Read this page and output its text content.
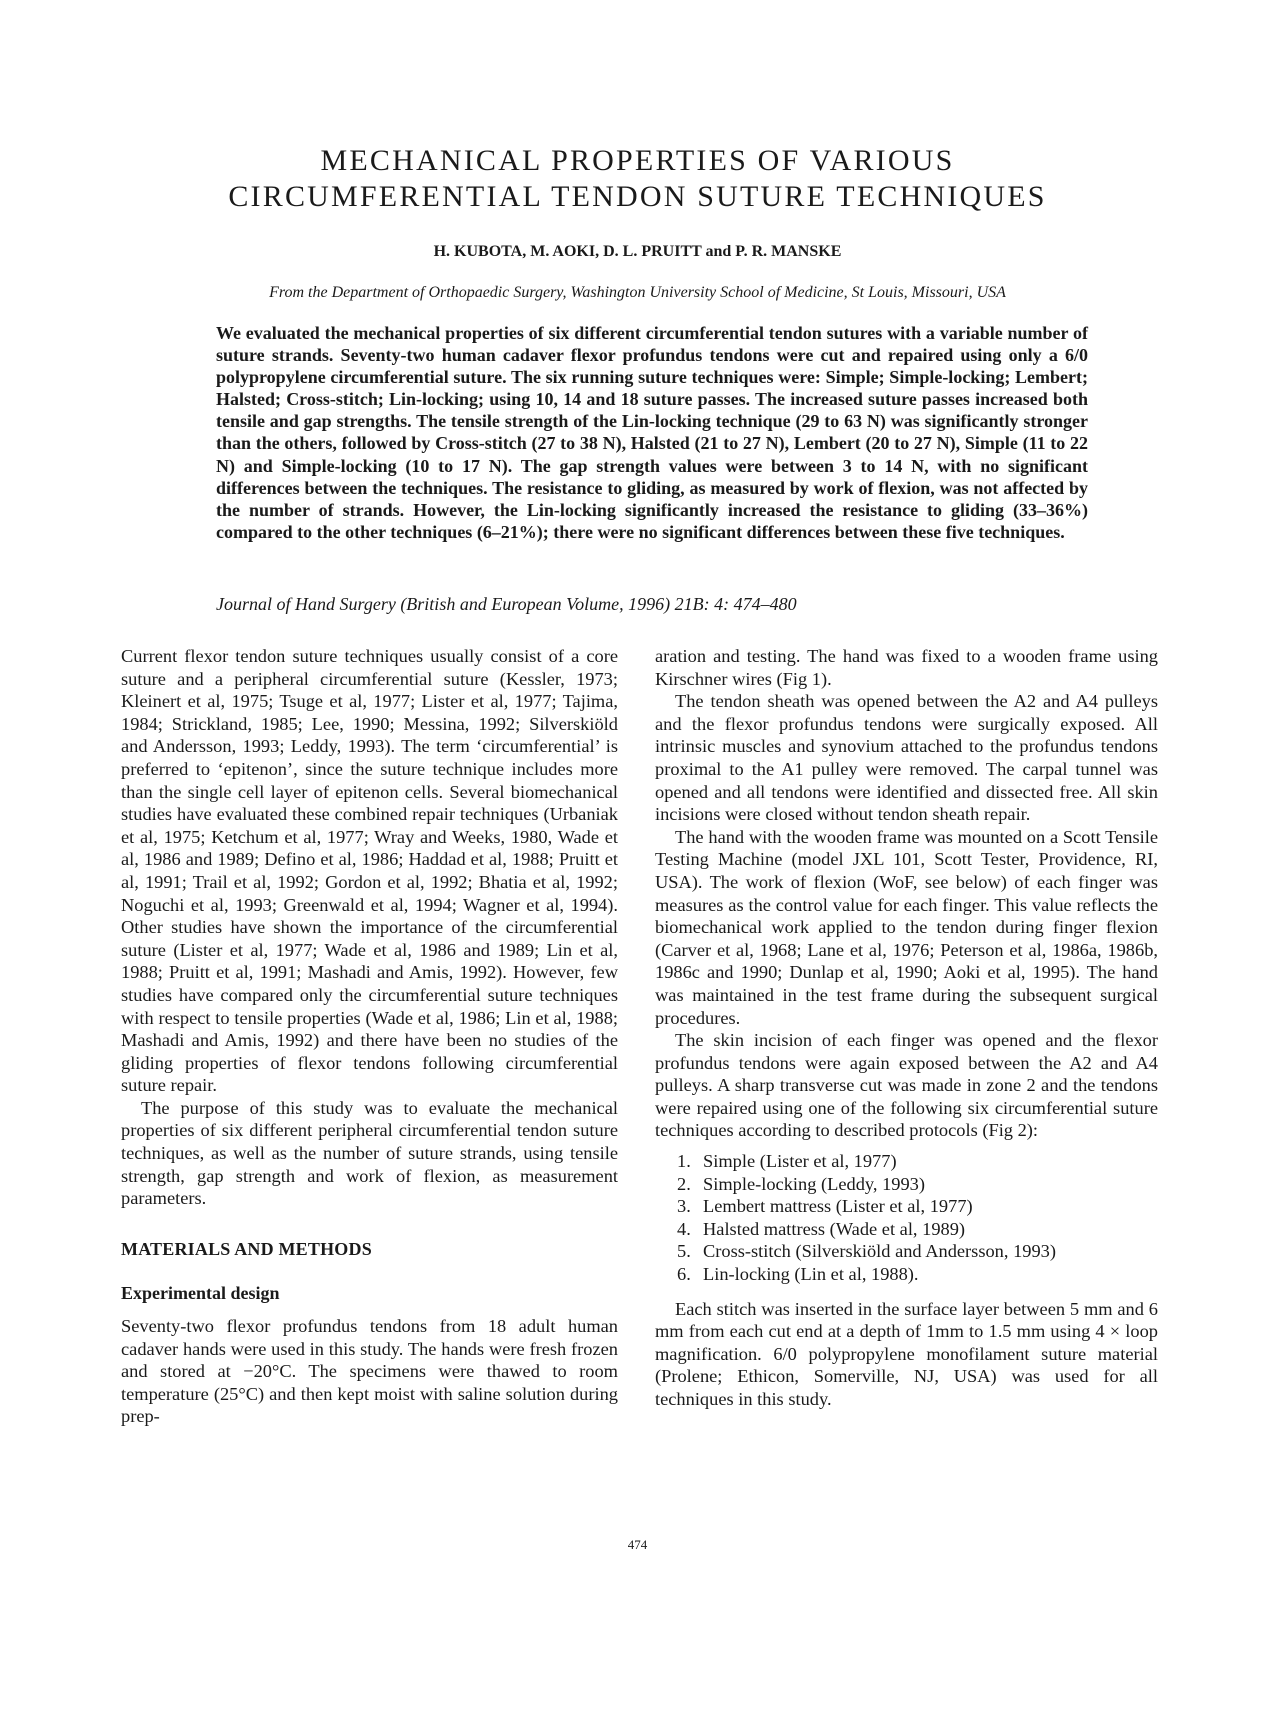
MECHANICAL PROPERTIES OF VARIOUS
CIRCUMFERENTIAL TENDON SUTURE TECHNIQUES
H. KUBOTA, M. AOKI, D. L. PRUITT and P. R. MANSKE
From the Department of Orthopaedic Surgery, Washington University School of Medicine, St Louis, Missouri, USA
We evaluated the mechanical properties of six different circumferential tendon sutures with a variable number of suture strands. Seventy-two human cadaver flexor profundus tendons were cut and repaired using only a 6/0 polypropylene circumferential suture. The six running suture techniques were: Simple; Simple-locking; Lembert; Halsted; Cross-stitch; Lin-locking; using 10, 14 and 18 suture passes. The increased suture passes increased both tensile and gap strengths. The tensile strength of the Lin-locking technique (29 to 63 N) was significantly stronger than the others, followed by Cross-stitch (27 to 38 N), Halsted (21 to 27 N), Lembert (20 to 27 N), Simple (11 to 22 N) and Simple-locking (10 to 17 N). The gap strength values were between 3 to 14 N, with no significant differences between the techniques. The resistance to gliding, as measured by work of flexion, was not affected by the number of strands. However, the Lin-locking significantly increased the resistance to gliding (33–36%) compared to the other techniques (6–21%); there were no significant differences between these five techniques.
Journal of Hand Surgery (British and European Volume, 1996) 21B: 4: 474–480

Current flexor tendon suture techniques usually consist of a core suture and a peripheral circumferential suture (Kessler, 1973; Kleinert et al, 1975; Tsuge et al, 1977; Lister et al, 1977; Tajima, 1984; Strickland, 1985; Lee, 1990; Messina, 1992; Silverskiöld and Andersson, 1993; Leddy, 1993). The term ‘circumferential’ is preferred to ‘epitenon’, since the suture technique includes more than the single cell layer of epitenon cells. Several biomechanical studies have evaluated these combined repair techniques (Urbaniak et al, 1975; Ketchum et al, 1977; Wray and Weeks, 1980, Wade et al, 1986 and 1989; Defino et al, 1986; Haddad et al, 1988; Pruitt et al, 1991; Trail et al, 1992; Gordon et al, 1992; Bhatia et al, 1992; Noguchi et al, 1993; Greenwald et al, 1994; Wagner et al, 1994). Other studies have shown the importance of the circumferential suture (Lister et al, 1977; Wade et al, 1986 and 1989; Lin et al, 1988; Pruitt et al, 1991; Mashadi and Amis, 1992). However, few studies have compared only the circumferential suture techniques with respect to tensile properties (Wade et al, 1986; Lin et al, 1988; Mashadi and Amis, 1992) and there have been no studies of the gliding properties of flexor tendons following circumferential suture repair.

The purpose of this study was to evaluate the mechanical properties of six different peripheral circumferential tendon suture techniques, as well as the number of suture strands, using tensile strength, gap strength and work of flexion, as measurement parameters.

MATERIALS AND METHODS
Experimental design

Seventy-two flexor profundus tendons from 18 adult human cadaver hands were used in this study. The hands were fresh frozen and stored at −20°C. The specimens were thawed to room temperature (25°C) and then kept moist with saline solution during prep-

aration and testing. The hand was fixed to a wooden frame using Kirschner wires (Fig 1).

The tendon sheath was opened between the A2 and A4 pulleys and the flexor profundus tendons were surgically exposed. All intrinsic muscles and synovium attached to the profundus tendons proximal to the A1 pulley were removed. The carpal tunnel was opened and all tendons were identified and dissected free. All skin incisions were closed without tendon sheath repair.

The hand with the wooden frame was mounted on a Scott Tensile Testing Machine (model JXL 101, Scott Tester, Providence, RI, USA). The work of flexion (WoF, see below) of each finger was measures as the control value for each finger. This value reflects the biomechanical work applied to the tendon during finger flexion (Carver et al, 1968; Lane et al, 1976; Peterson et al, 1986a, 1986b, 1986c and 1990; Dunlap et al, 1990; Aoki et al, 1995). The hand was maintained in the test frame during the subsequent surgical procedures.

The skin incision of each finger was opened and the flexor profundus tendons were again exposed between the A2 and A4 pulleys. A sharp transverse cut was made in zone 2 and the tendons were repaired using one of the following six circumferential suture techniques according to described protocols (Fig 2):

1. Simple (Lister et al, 1977)
2. Simple-locking (Leddy, 1993)
3. Lembert mattress (Lister et al, 1977)
4. Halsted mattress (Wade et al, 1989)
5. Cross-stitch (Silverskiöld and Andersson, 1993)
6. Lin-locking (Lin et al, 1988).

Each stitch was inserted in the surface layer between 5 mm and 6 mm from each cut end at a depth of 1mm to 1.5 mm using 4 × loop magnification. 6/0 polypropylene monofilament suture material (Prolene; Ethicon, Somerville, NJ, USA) was used for all techniques in this study.

474
